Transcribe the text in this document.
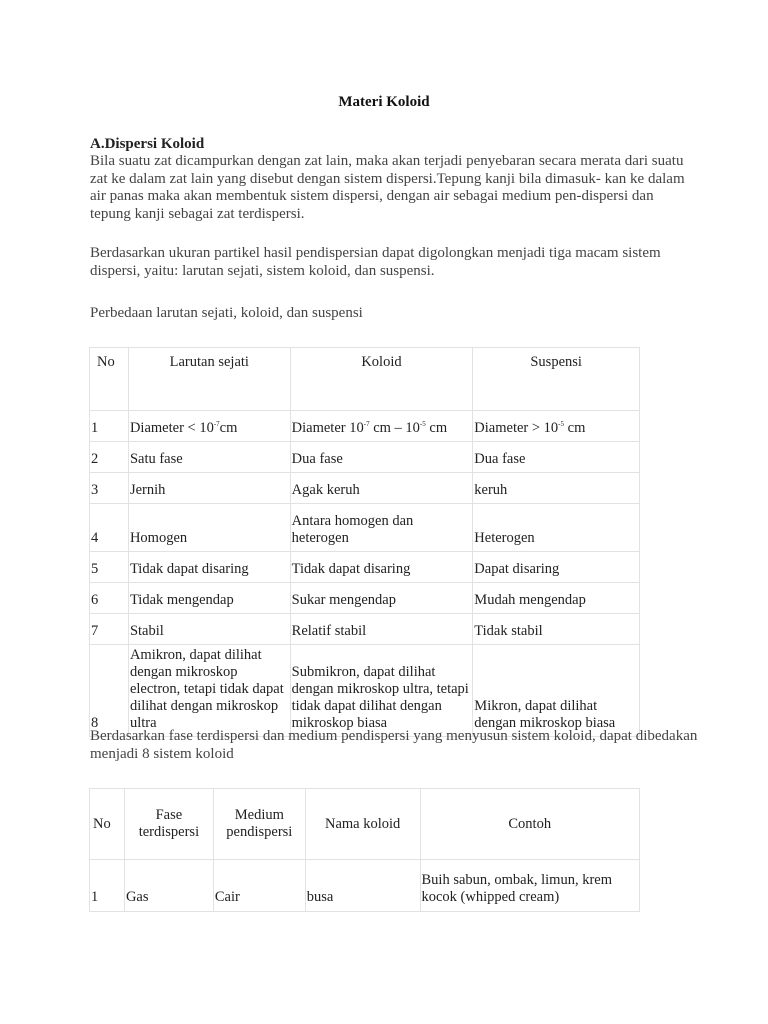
Materi Koloid
A.Dispersi Koloid
Bila suatu zat dicampurkan dengan zat lain, maka akan terjadi penyebaran secara merata dari suatu zat ke dalam zat lain yang disebut dengan sistem dispersi.Tepung kanji bila dimasuk- kan ke dalam air panas maka akan membentuk sistem dispersi, dengan air sebagai medium pen-dispersi dan tepung kanji sebagai zat terdispersi.
Berdasarkan ukuran partikel hasil pendispersian dapat digolongkan menjadi tiga macam sistem dispersi, yaitu: larutan sejati, sistem koloid, dan suspensi.
Perbedaan larutan sejati, koloid, dan suspensi
No	Larutan sejati	Koloid	Suspensi
1	Diameter < $10^{-7}cm$	Diameter $10^{-7}$ cm – $10^{-5}$ cm	Diameter > $10^{-5}$ cm
2	Satu fase	Dua fase	Dua fase
3	Jernih	Agak keruh	keruh
4	Homogen	Antara homogen dan heterogen	Heterogen
5	Tidak dapat disaring	Tidak dapat disaring	Dapat disaring
6	Tidak mengendap	Sukar mengendap	Mudah mengendap
7	Stabil	Relatif stabil	Tidak stabil
8	Amikron, dapat dilihat dengan mikroskop electron, tetapi tidak dapat dilihat dengan mikroskop ultra	Submikron, dapat dilihat dengan mikroskop ultra, tetapi tidak dapat dilihat dengan mikroskop biasa	Mikron, dapat dilihat dengan mikroskop biasa
Berdasarkan fase terdispersi dan medium pendispersi yang menyusun sistem koloid, dapat dibedakan menjadi 8 sistem koloid
No	Fase terdispersi	Medium pendispersi	Nama koloid	Contoh
1	Gas	Cair	busa	Buih sabun, ombak, limun, krem kocok (whipped cream)
